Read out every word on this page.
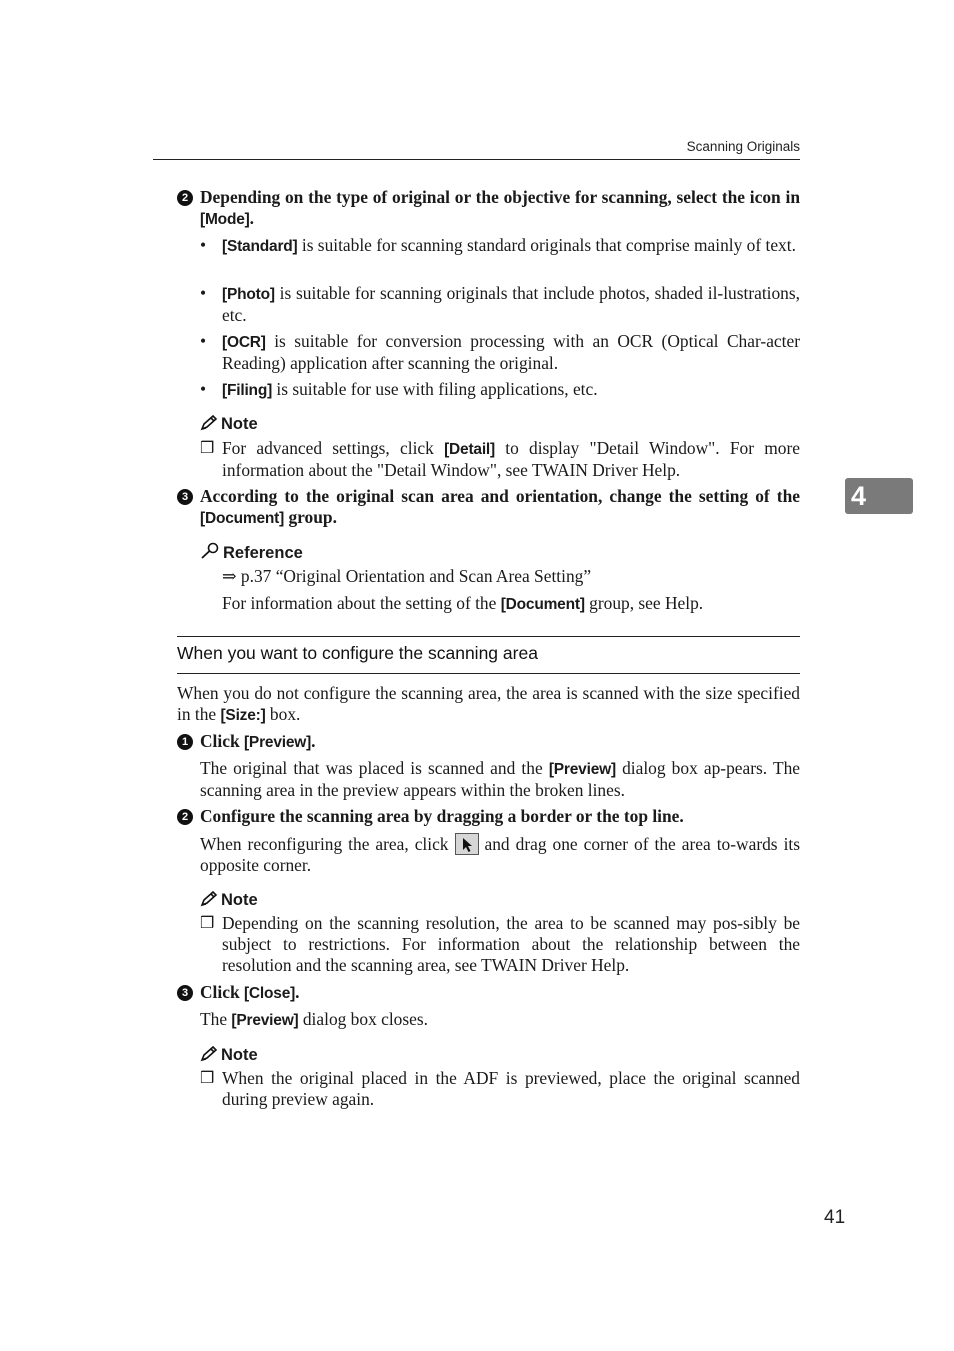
Scanning Originals
4
2 Depending on the type of original or the objective for scanning, select the icon in [Mode].
• [Standard] is suitable for scanning standard originals that comprise mainly of text.
• [Photo] is suitable for scanning originals that include photos, shaded il-lustrations, etc.
• [OCR] is suitable for conversion processing with an OCR (Optical Char-acter Reading) application after scanning the original.
• [Filing] is suitable for use with filing applications, etc.
Note
❒ For advanced settings, click [Detail] to display "Detail Window". For more information about the "Detail Window", see TWAIN Driver Help.
3 According to the original scan area and orientation, change the setting of the [Document] group.
Reference
⇒ p.37 “Original Orientation and Scan Area Setting”
For information about the setting of the [Document] group, see Help.
When you want to configure the scanning area
When you do not configure the scanning area, the area is scanned with the size specified in the [Size:] box.
1 Click [Preview].
The original that was placed is scanned and the [Preview] dialog box ap-pears. The scanning area in the preview appears within the broken lines.
2 Configure the scanning area by dragging a border or the top line.
When reconfiguring the area, click
and drag one corner of the area to-wards its opposite corner.
Note
❒ Depending on the scanning resolution, the area to be scanned may pos-sibly be subject to restrictions. For information about the relationship between the resolution and the scanning area, see TWAIN Driver Help.
3 Click [Close].
The [Preview] dialog box closes.
Note
❒ When the original placed in the ADF is previewed, place the original scanned during preview again.
41
